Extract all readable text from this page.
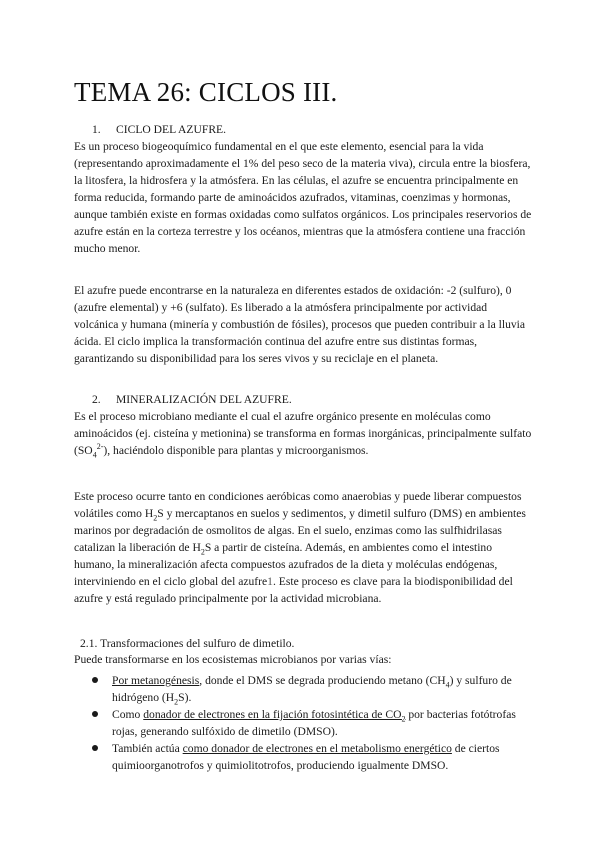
TEMA 26: CICLOS III.
1. CICLO DEL AZUFRE.

Es un proceso biogeoquímico fundamental en el que este elemento, esencial para la vida (representando aproximadamente el 1% del peso seco de la materia viva), circula entre la biosfera, la litosfera, la hidrosfera y la atmósfera. En las células, el azufre se encuentra principalmente en forma reducida, formando parte de aminoácidos azufrados, vitaminas, coenzimas y hormonas, aunque también existe en formas oxidadas como sulfatos orgánicos. Los principales reservorios de azufre están en la corteza terrestre y los océanos, mientras que la atmósfera contiene una fracción mucho menor.

El azufre puede encontrarse en la naturaleza en diferentes estados de oxidación: -2 (sulfuro), 0 (azufre elemental) y +6 (sulfato). Es liberado a la atmósfera principalmente por actividad volcánica y humana (minería y combustión de fósiles), procesos que pueden contribuir a la lluvia ácida. El ciclo implica la transformación continua del azufre entre sus distintas formas, garantizando su disponibilidad para los seres vivos y su reciclaje en el planeta.

2. MINERALIZACIÓN DEL AZUFRE.

Es el proceso microbiano mediante el cual el azufre orgánico presente en moléculas como aminoácidos (ej. cisteína y metionina) se transforma en formas inorgánicas, principalmente sulfato $(SO_4^{2-})$, haciéndolo disponible para plantas y microorganismos.

Este proceso ocurre tanto en condiciones aeróbicas como anaerobias y puede liberar compuestos volátiles como $H_2S$ y mercaptanos en suelos y sedimentos, y dimetil sulfuro (DMS) en ambientes marinos por degradación de osmolitos de algas. En el suelo, enzimas como las sulfhidrilasas catalizan la liberación de $H_2S$ a partir de cisteína. Además, en ambientes como el intestino humano, la mineralización afecta compuestos azufrados de la dieta y moléculas endógenas, interviniendo en el ciclo global del azufre1. Este proceso es clave para la biodisponibilidad del azufre y está regulado principalmente por la actividad microbiana.

2.1. Transformaciones del sulfuro de dimetilo.
Puede transformarse en los ecosistemas microbianos por varias vías:
Por metanogénesis, donde el DMS se degrada produciendo metano $(CH_4)$ y sulfuro de hidrógeno $(H_2S)$.
Como donador de electrones en la fijación fotosintética de $CO_2$ por bacterias fotótrofas rojas, generando sulfóxido de dimetilo (DMSO).
También actúa como donador de electrones en el metabolismo energético de ciertos quimioorganotrofos y quimiolitotrofos, produciendo igualmente DMSO.
